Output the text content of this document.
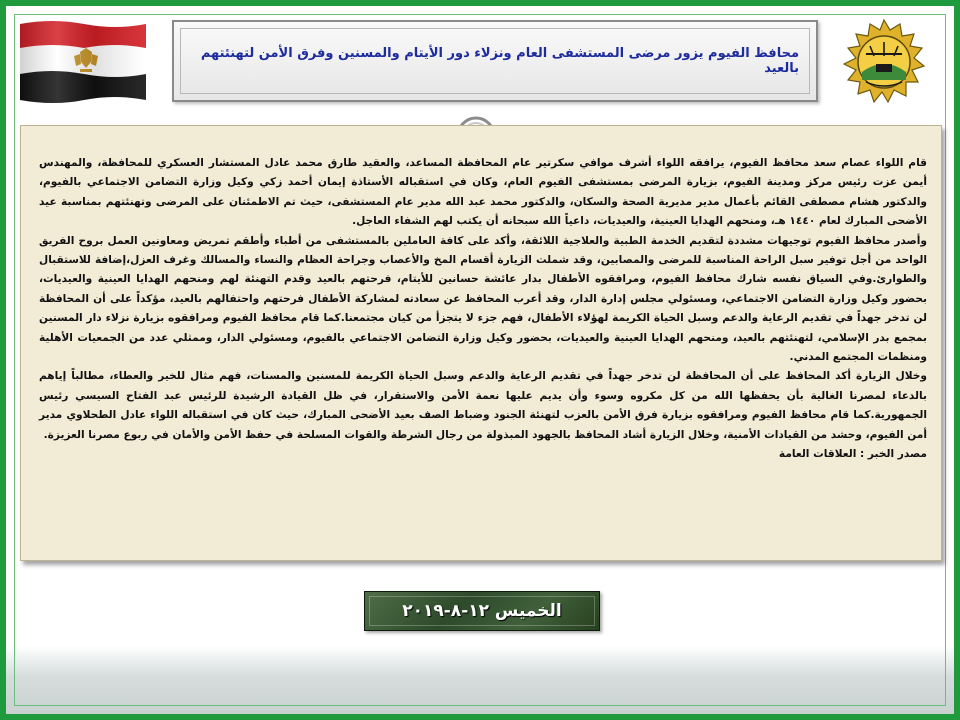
محافظ الفيوم يزور مرضى المستشفى العام ونزلاء دور الأيتام والمسنين وفرق الأمن لتهنئتهم بالعيد

قام اللواء عصام سعد محافظ الفيوم، يرافقه اللواء أشرف موافي سكرتير عام المحافظة المساعد، والعقيد طارق محمد عادل المستشار العسكري للمحافظة، والمهندس أيمن عزت رئيس مركز ومدينة الفيوم، بزيارة المرضى بمستشفى الفيوم العام، وكان في استقباله الأستاذة إيمان أحمد زكي وكيل وزارة التضامن الاجتماعي بالفيوم، والدكتور هشام مصطفى القائم بأعمال مدير مديرية الصحة والسكان، والدكتور محمد عبد الله مدير عام المستشفى، حيث تم الاطمئنان على المرضى وتهنئتهم بمناسبة عيد الأضحى المبارك لعام ١٤٤٠ هـ، ومنحهم الهدايا العينية، والعيديات، داعياً الله سبحانه أن يكتب لهم الشفاء العاجل.

وأصدر محافظ الفيوم توجيهات مشددة لتقديم الخدمة الطبية والعلاجية اللائقة، وأكد على كافة العاملين بالمستشفى من أطباء وأطقم تمريض ومعاونين العمل بروح الفريق الواحد من أجل توفير سبل الراحة المناسبة للمرضى والمصابين، وقد شملت الزيارة أقسام المخ والأعصاب وجراحة العظام والنساء والمسالك وغرف العزل،إضافة للاستقبال والطوارئ.وفي السياق نفسه شارك محافظ الفيوم، ومرافقوه الأطفال بدار عائشة حسانين للأيتام، فرحتهم بالعيد وقدم التهنئة لهم ومنحهم الهدايا العينية والعيديات، بحضور وكيل وزارة التضامن الاجتماعي، ومسئولي مجلس إدارة الدار، وقد أعرب المحافظ عن سعادته لمشاركة الأطفال فرحتهم واحتفالهم بالعيد، مؤكداً على أن المحافظة لن تدخر جهداً في تقديم الرعاية والدعم وسبل الحياة الكريمة لهؤلاء الأطفال، فهم جزء لا يتجزأ من كيان مجتمعنا.كما قام محافظ الفيوم ومرافقوه بزيارة نزلاء دار المسنين بمجمع بدر الإسلامي، لتهنئتهم بالعيد، ومنحهم الهدايا العينية والعيديات، بحضور وكيل وزارة التضامن الاجتماعي بالفيوم، ومسئولي الدار، وممثلي عدد من الجمعيات الأهلية ومنظمات المجتمع المدني.

وخلال الزيارة أكد المحافظ على أن المحافظة لن تدخر جهداً في تقديم الرعاية والدعم وسبل الحياة الكريمة للمسنين والمسنات، فهم مثال للخير والعطاء، مطالباً إياهم بالدعاء لمصرنا الغالية بأن يحفظها الله من كل مكروه وسوء وأن يديم عليها نعمة الأمن والاستقرار، في ظل القيادة الرشيدة للرئيس عبد الفتاح السيسي رئيس الجمهورية.كما قام محافظ الفيوم ومرافقوه بزيارة فرق الأمن بالعزب لتهنئة الجنود وضباط الصف بعيد الأضحى المبارك، حيث كان في استقباله اللواء عادل الطحلاوي مدير أمن الفيوم، وحشد من القيادات الأمنية، وخلال الزيارة أشاد المحافظ بالجهود المبذولة من رجال الشرطة والقوات المسلحة في حفظ الأمن والأمان في ربوع مصرنا العزيزة.

مصدر الخبر : العلاقات العامة

الخميس ١٢-٨-٢٠١٩
